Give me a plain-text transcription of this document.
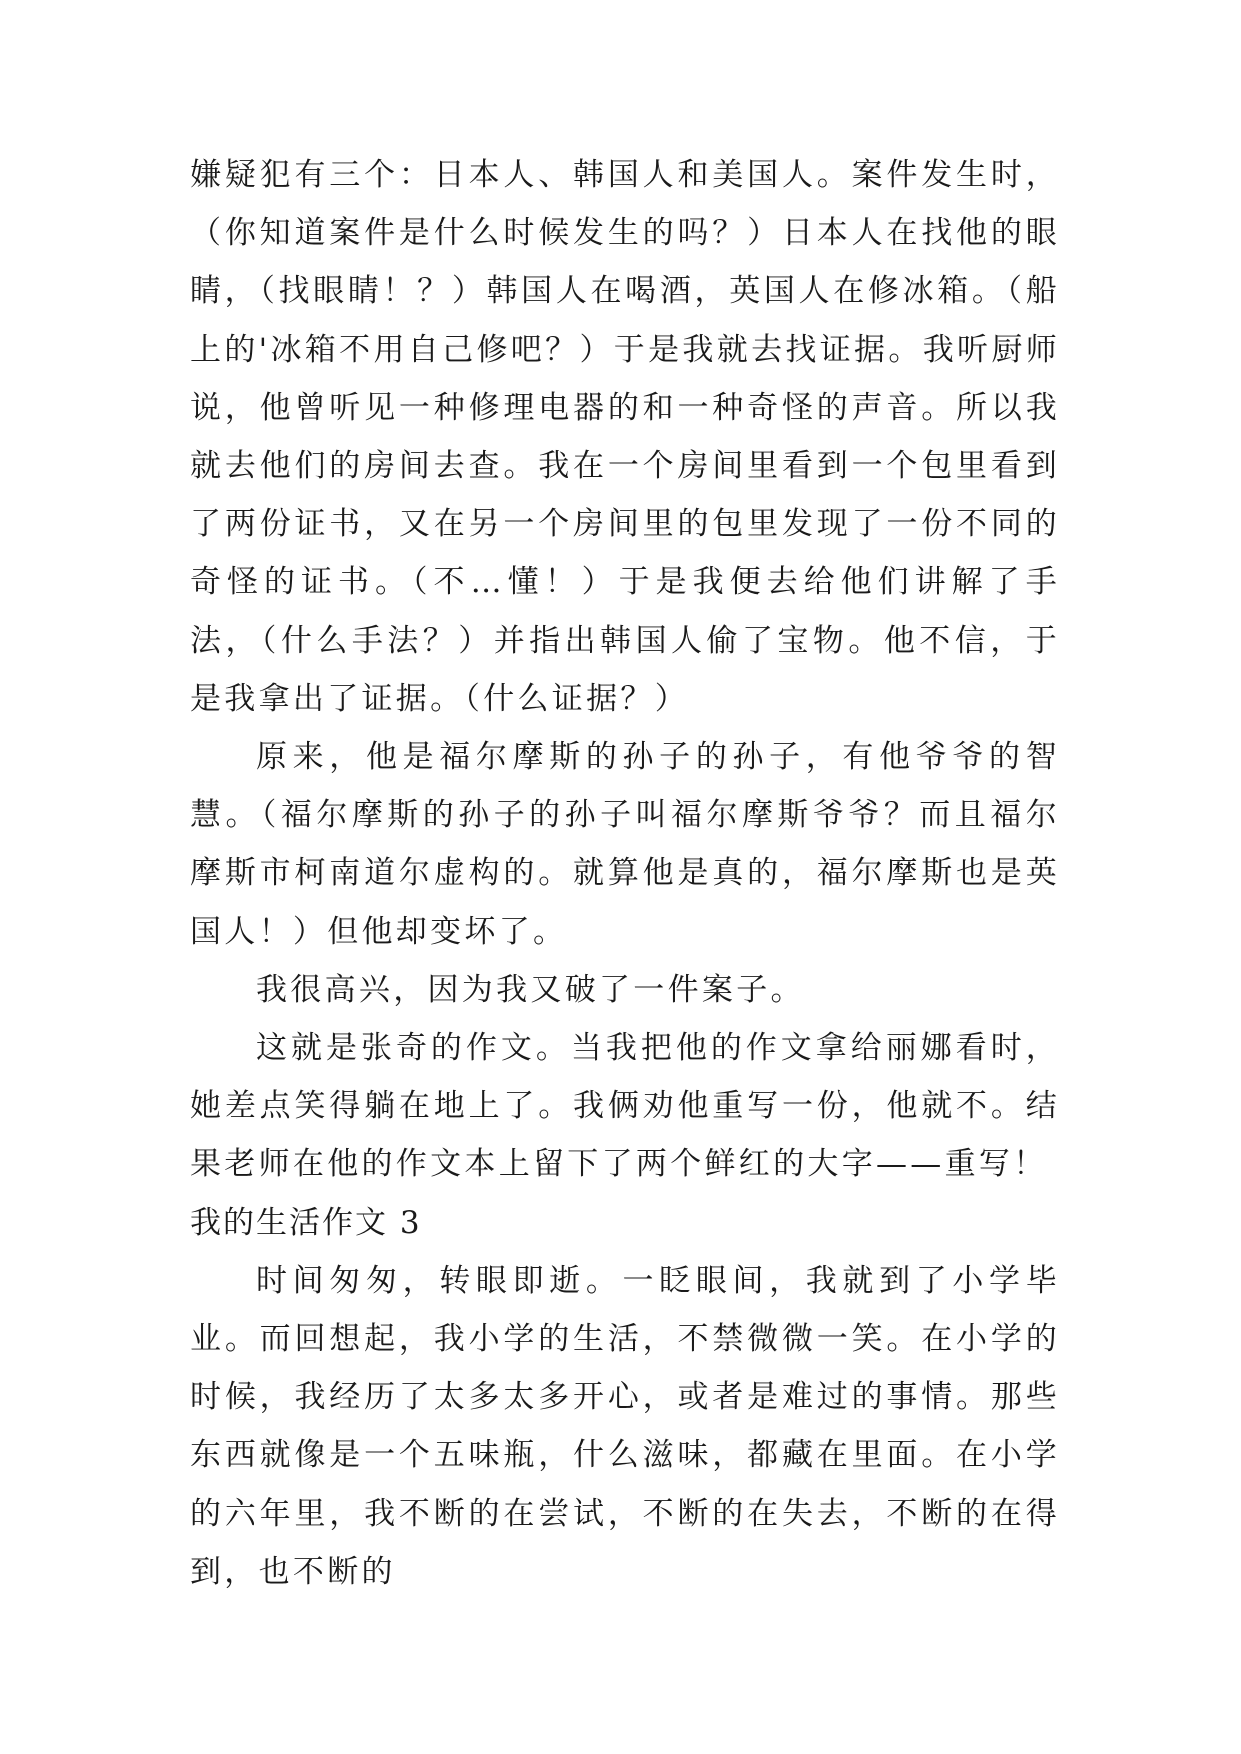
嫌疑犯有三个：日本人、韩国人和美国人。案件发生时，（你知道案件是什么时候发生的吗？）日本人在找他的眼睛，（找眼睛！？）韩国人在喝酒，英国人在修冰箱。（船上的'冰箱不用自己修吧？）于是我就去找证据。我听厨师说，他曾听见一种修理电器的和一种奇怪的声音。所以我就去他们的房间去查。我在一个房间里看到一个包里看到了两份证书，又在另一个房间里的包里发现了一份不同的奇怪的证书。（不…懂！）于是我便去给他们讲解了手法，（什么手法？）并指出韩国人偷了宝物。他不信，于是我拿出了证据。（什么证据？）

原来，他是福尔摩斯的孙子的孙子，有他爷爷的智慧。（福尔摩斯的孙子的孙子叫福尔摩斯爷爷？而且福尔摩斯市柯南道尔虚构的。就算他是真的，福尔摩斯也是英国人！）但他却变坏了。

我很高兴，因为我又破了一件案子。

这就是张奇的作文。当我把他的作文拿给丽娜看时，她差点笑得躺在地上了。我俩劝他重写一份，他就不。结果老师在他的作文本上留下了两个鲜红的大字——重写！

我的生活作文 3

时间匆匆，转眼即逝。一眨眼间，我就到了小学毕业。而回想起，我小学的生活，不禁微微一笑。在小学的时候，我经历了太多太多开心，或者是难过的事情。那些东西就像是一个五味瓶，什么滋味，都藏在里面。在小学的六年里，我不断的在尝试，不断的在失去，不断的在得到，也不断的
